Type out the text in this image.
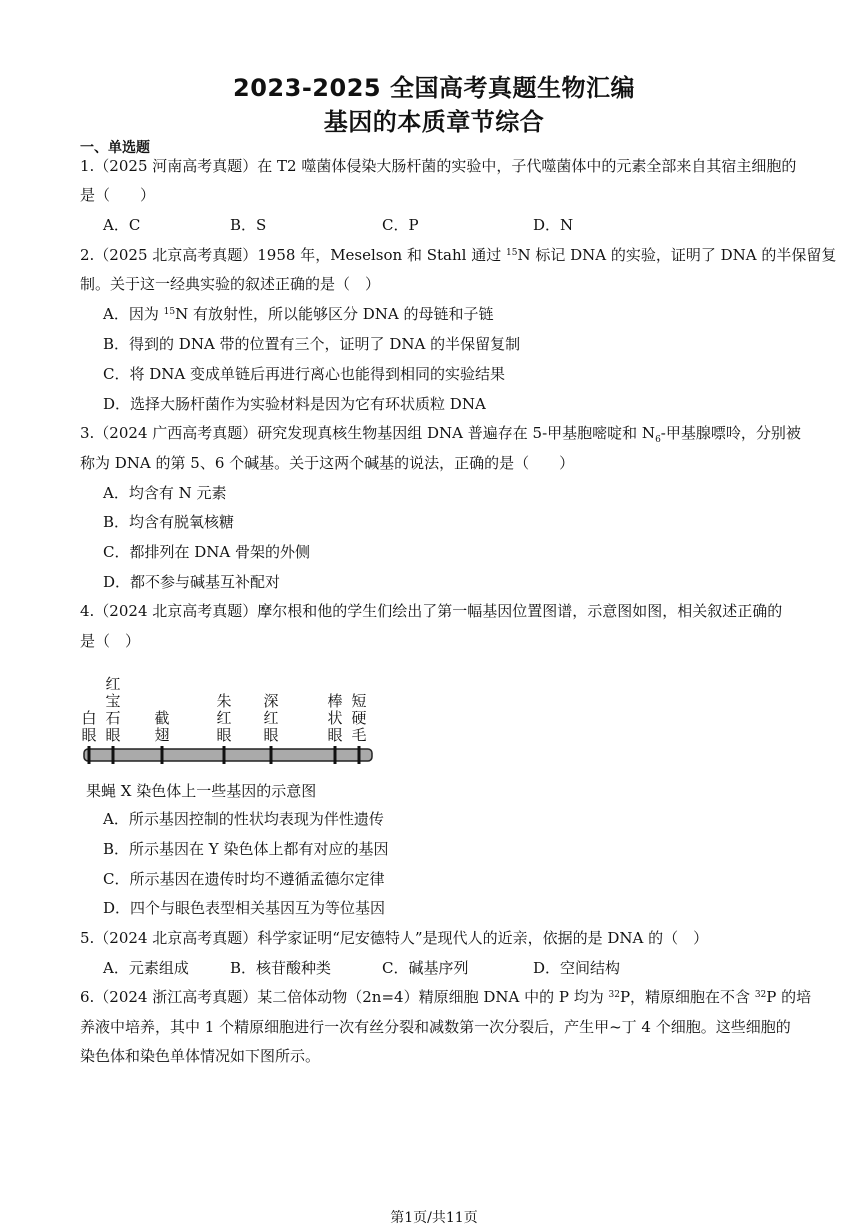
2023-2025 全国高考真题生物汇编
基因的本质章节综合
一、单选题
1.（2025 河南高考真题）在 T2 噬菌体侵染大肠杆菌的实验中，子代噬菌体中的元素全部来自其宿主细胞的
是（　　）
A．C	B．S	C．P	D．N
2.（2025 北京高考真题）1958 年，Meselson 和 Stahl 通过 $^{15}$N 标记 DNA 的实验，证明了 DNA 的半保留复
制。关于这一经典实验的叙述正确的是（　）
A．因为 $^{15}$N 有放射性，所以能够区分 DNA 的母链和子链
B．得到的 DNA 带的位置有三个，证明了 DNA 的半保留复制
C．将 DNA 变成单链后再进行离心也能得到相同的实验结果
D．选择大肠杆菌作为实验材料是因为它有环状质粒 DNA
3.（2024 广西高考真题）研究发现真核生物基因组 DNA 普遍存在 5-甲基胞嘧啶和 $N_6-$甲基腺嘌呤，分别被
称为 DNA 的第 5、6 个碱基。关于这两个碱基的说法，正确的是（　　）
A．均含有 N 元素
B．均含有脱氧核糖
C．都排列在 DNA 骨架的外侧
D．都不参与碱基互补配对
4.（2024 北京高考真题）摩尔根和他的学生们绘出了第一幅基因位置图谱，示意图如图，相关叙述正确的
是（　）
白眼
红宝石眼
截翅
朱红眼
深红眼
棒状眼
短硬毛
果蝇 X 染色体上一些基因的示意图
A．所示基因控制的性状均表现为伴性遗传
B．所示基因在 Y 染色体上都有对应的基因
C．所示基因在遗传时均不遵循孟德尔定律
D．四个与眼色表型相关基因互为等位基因
5.（2024 北京高考真题）科学家证明“尼安德特人”是现代人的近亲，依据的是 DNA 的（　）
A．元素组成	B．核苷酸种类	C．碱基序列	D．空间结构
6.（2024 浙江高考真题）某二倍体动物（2n=4）精原细胞 DNA 中的 P 均为 $^{32}$P，精原细胞在不含 $^{32}$P 的培
养液中培养，其中 1 个精原细胞进行一次有丝分裂和减数第一次分裂后，产生甲~丁 4 个细胞。这些细胞的
染色体和染色单体情况如下图所示。
第1页/共11页
